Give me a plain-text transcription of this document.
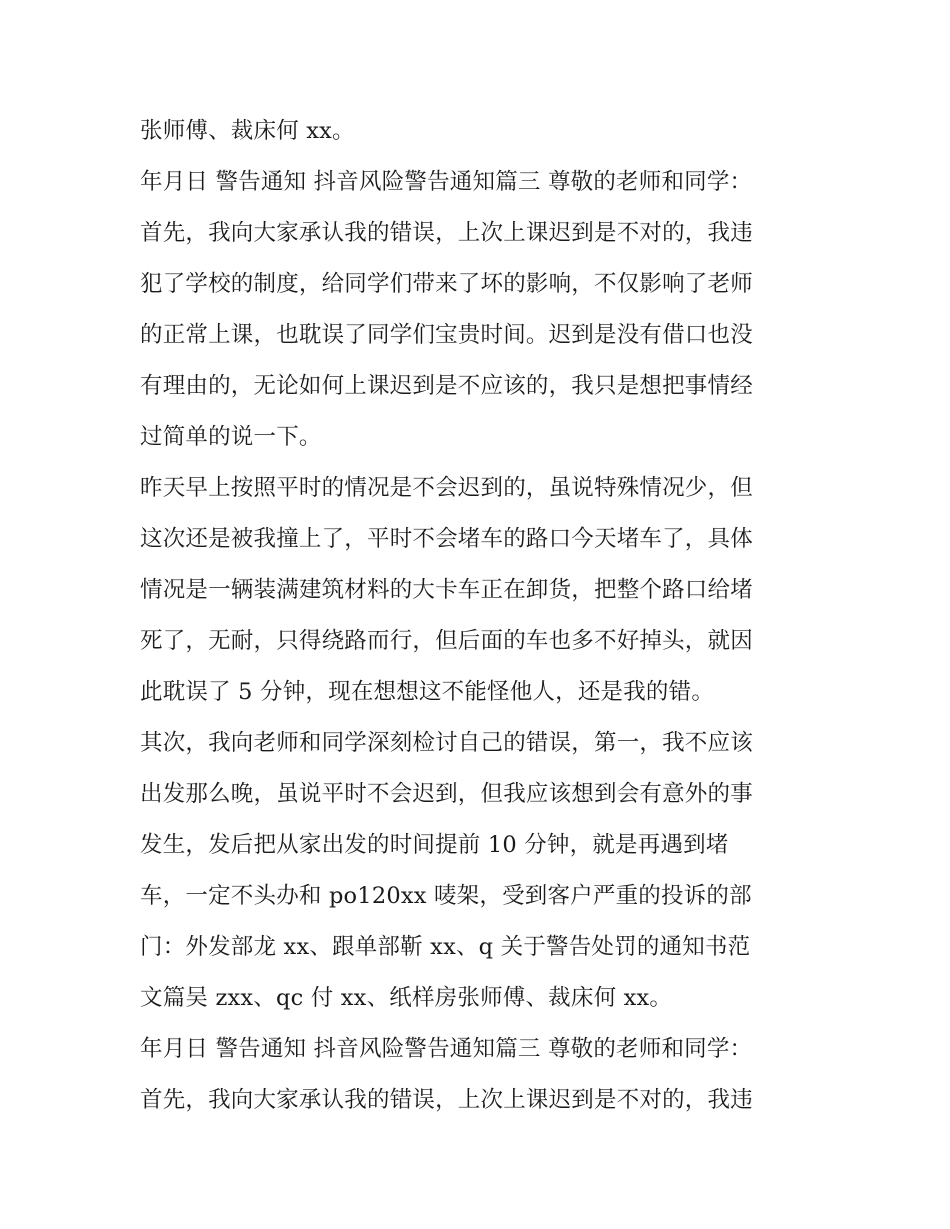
张师傅、裁床何 xx。
年月日 警告通知 抖音风险警告通知篇三 尊敬的老师和同学：
首先，我向大家承认我的错误，上次上课迟到是不对的，我违
犯了学校的制度，给同学们带来了坏的影响，不仅影响了老师
的正常上课，也耽误了同学们宝贵时间。迟到是没有借口也没
有理由的，无论如何上课迟到是不应该的，我只是想把事情经
过简单的说一下。
昨天早上按照平时的情况是不会迟到的，虽说特殊情况少，但
这次还是被我撞上了，平时不会堵车的路口今天堵车了，具体
情况是一辆装满建筑材料的大卡车正在卸货，把整个路口给堵
死了，无耐，只得绕路而行，但后面的车也多不好掉头，就因
此耽误了 5 分钟，现在想想这不能怪他人，还是我的错。
其次，我向老师和同学深刻检讨自己的错误，第一，我不应该
出发那么晚，虽说平时不会迟到，但我应该想到会有意外的事
发生，发后把从家出发的时间提前 10 分钟，就是再遇到堵
车，一定不头办和 po120xx 唛架，受到客户严重的投诉的部
门：外发部龙 xx、跟单部靳 xx、q 关于警告处罚的通知书范
文篇吴 zxx、qc 付 xx、纸样房张师傅、裁床何 xx。
年月日 警告通知 抖音风险警告通知篇三 尊敬的老师和同学：
首先，我向大家承认我的错误，上次上课迟到是不对的，我违
